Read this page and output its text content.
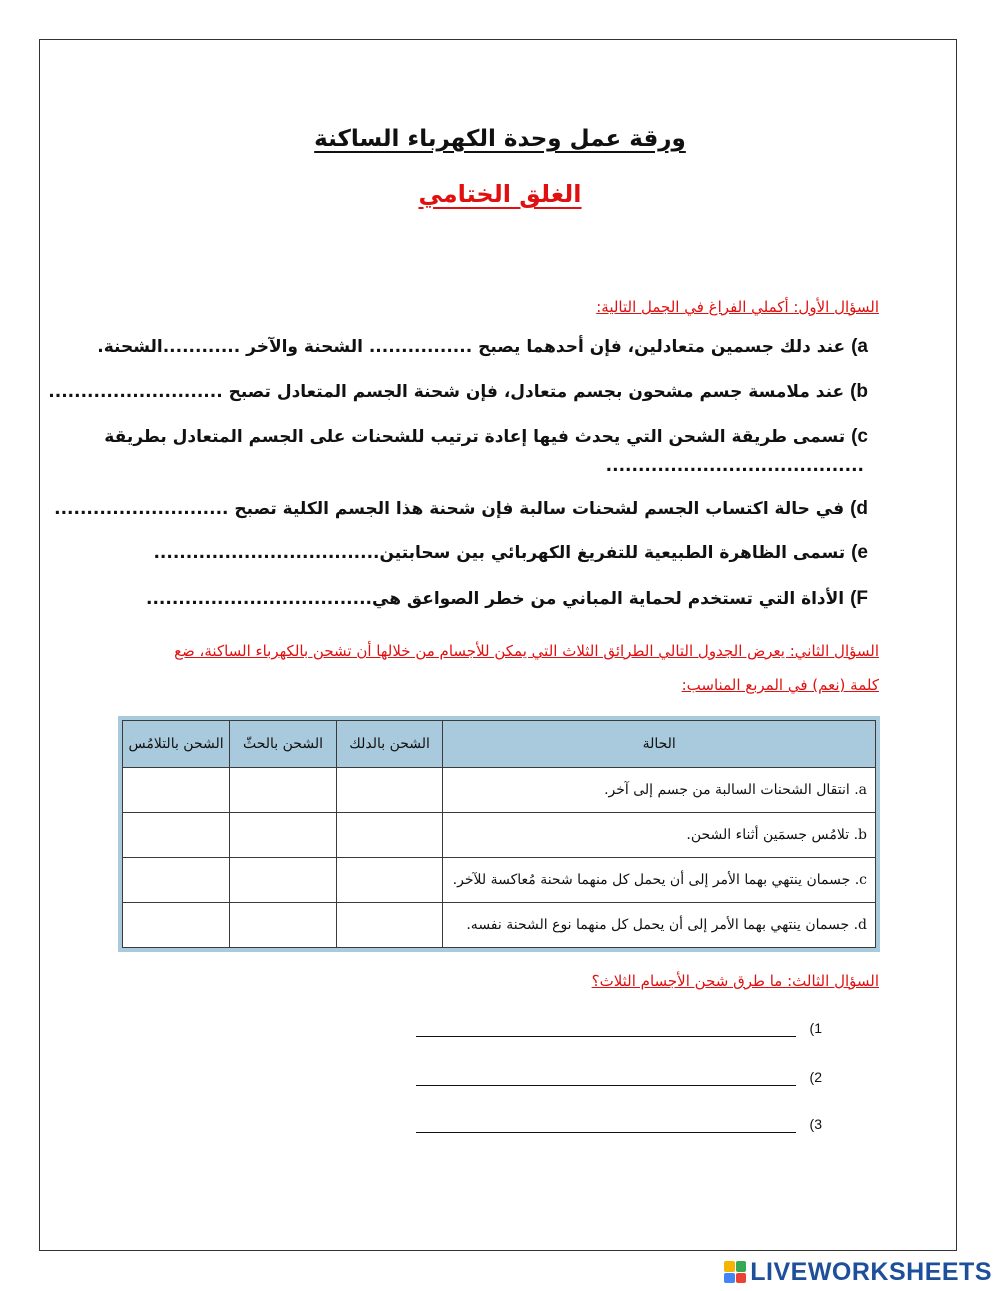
ورقة عمل وحدة الكهرباء الساكنة
الغلق الختامي
السؤال الأول: أكملي الفراغ في الجمل التالية:
a) عند دلك جسمين متعادلين، فإن أحدهما يصبح ................ الشحنة والآخر ............الشحنة.
b) عند ملامسة جسم مشحون بجسم متعادل، فإن شحنة الجسم المتعادل تصبح ...........................
c) تسمى طريقة الشحن التي يحدث فيها إعادة ترتيب للشحنات على الجسم المتعادل بطريقة
........................................
d) في حالة اكتساب الجسم لشحنات سالبة فإن شحنة هذا الجسم الكلية تصبح ...........................
e) تسمى الظاهرة الطبيعية للتفريغ الكهربائي بين سحابتين...................................
F) الأداة التي تستخدم لحماية المباني من خطر الصواعق هي...................................
السؤال الثاني: يعرض الجدول التالي الطرائق الثلاث التي يمكن للأجسام من خلالها أن تشحن بالكهرباء الساكنة، ضع
كلمة (نعم) في المربع المناسب:
الحالة	الشحن بالدلك	الشحن بالحثّ	الشحن بالتلامُس
a. انتقال الشحنات السالبة من جسم إلى آخر.			
b. تلامُس جسمَين أثناء الشحن.			
c. جسمان ينتهي بهما الأمر إلى أن يحمل كل منهما شحنة مُعاكسة للآخر.			
d. جسمان ينتهي بهما الأمر إلى أن يحمل كل منهما نوع الشحنة نفسه.			
السؤال الثالث: ما طرق شحن الأجسام الثلاث؟
(1
(2
(3
LIVEWORKSHEETS
